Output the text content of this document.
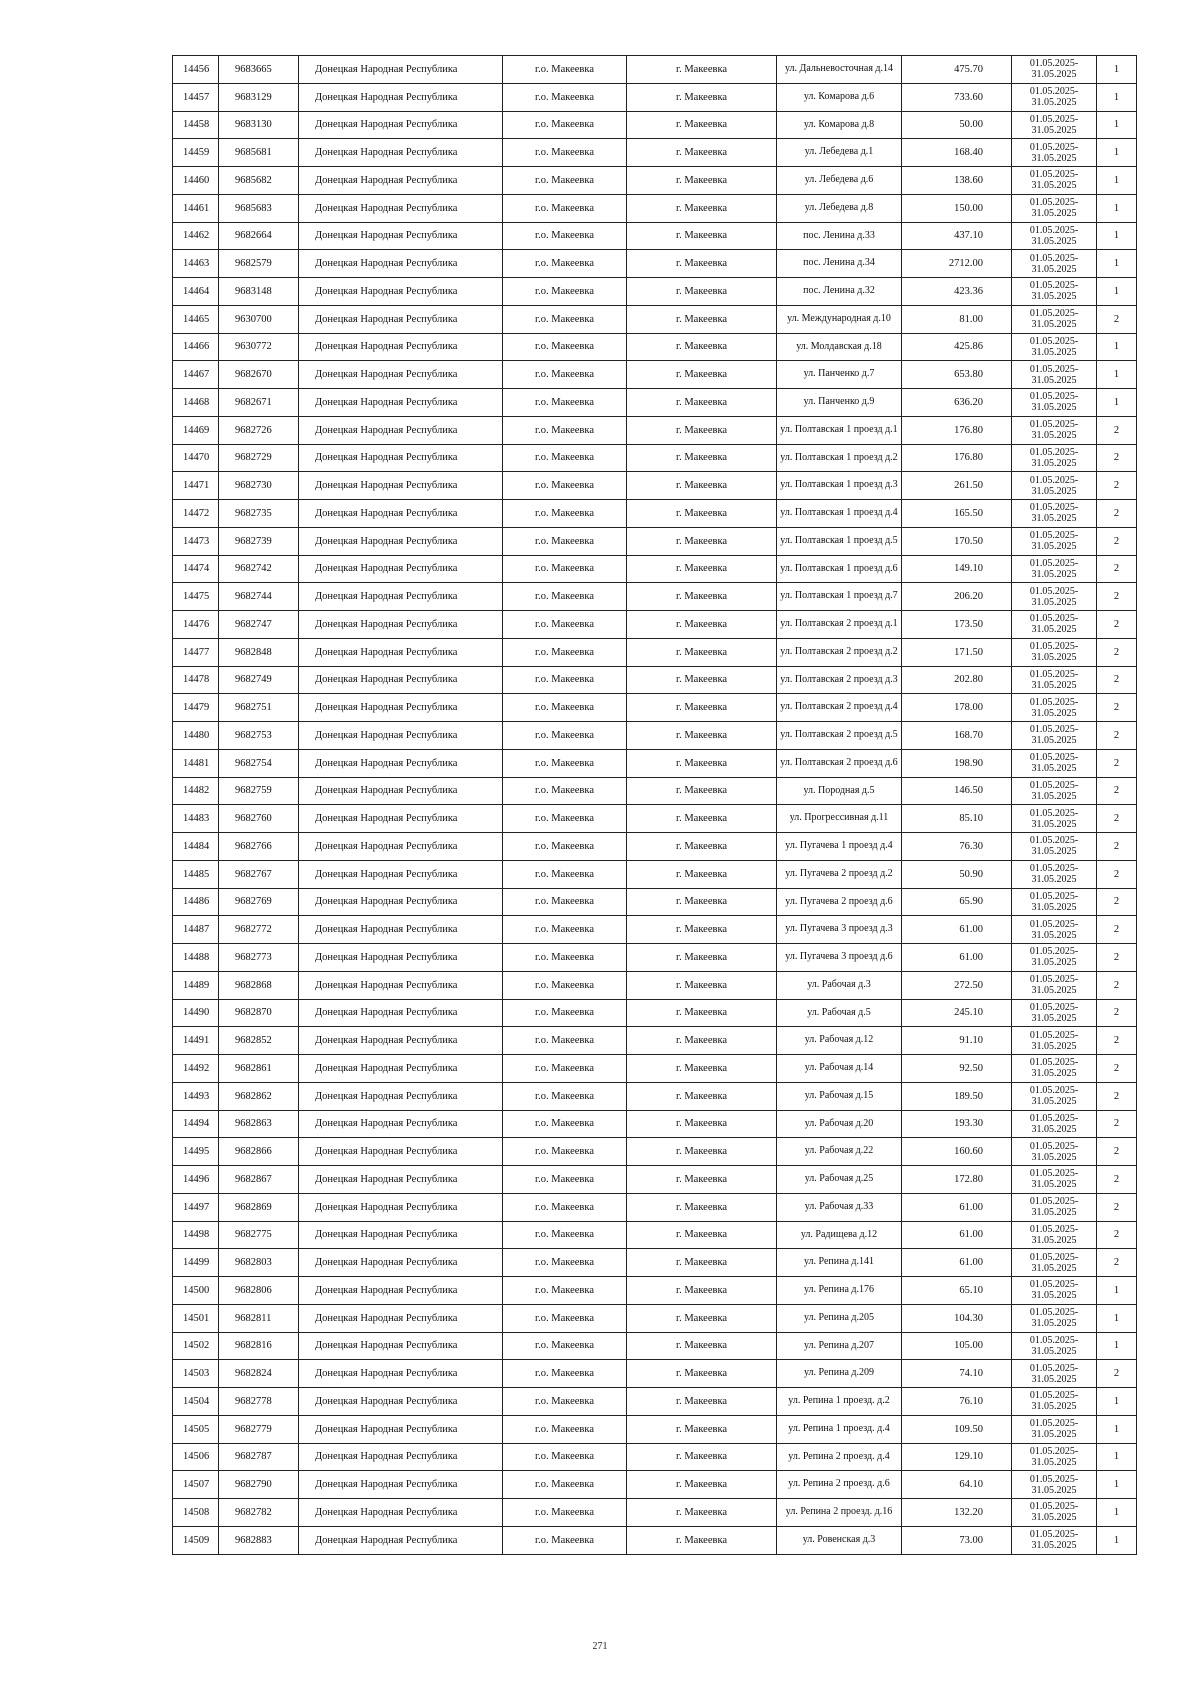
14456	9683665	Донецкая Народная Республика	г.о. Макеевка	г. Макеевка	ул. Дальневосточная д.14	475.70	01.05.2025-
31.05.2025	1
14457	9683129	Донецкая Народная Республика	г.о. Макеевка	г. Макеевка	ул. Комарова д.6	733.60	01.05.2025-
31.05.2025	1
14458	9683130	Донецкая Народная Республика	г.о. Макеевка	г. Макеевка	ул. Комарова д.8	50.00	01.05.2025-
31.05.2025	1
14459	9685681	Донецкая Народная Республика	г.о. Макеевка	г. Макеевка	ул. Лебедева д.1	168.40	01.05.2025-
31.05.2025	1
14460	9685682	Донецкая Народная Республика	г.о. Макеевка	г. Макеевка	ул. Лебедева д.6	138.60	01.05.2025-
31.05.2025	1
14461	9685683	Донецкая Народная Республика	г.о. Макеевка	г. Макеевка	ул. Лебедева д.8	150.00	01.05.2025-
31.05.2025	1
14462	9682664	Донецкая Народная Республика	г.о. Макеевка	г. Макеевка	пос. Ленина д.33	437.10	01.05.2025-
31.05.2025	1
14463	9682579	Донецкая Народная Республика	г.о. Макеевка	г. Макеевка	пос. Ленина д.34	2712.00	01.05.2025-
31.05.2025	1
14464	9683148	Донецкая Народная Республика	г.о. Макеевка	г. Макеевка	пос. Ленина д.32	423.36	01.05.2025-
31.05.2025	1
14465	9630700	Донецкая Народная Республика	г.о. Макеевка	г. Макеевка	ул. Международная д.10	81.00	01.05.2025-
31.05.2025	2
14466	9630772	Донецкая Народная Республика	г.о. Макеевка	г. Макеевка	ул. Молдавская д.18	425.86	01.05.2025-
31.05.2025	1
14467	9682670	Донецкая Народная Республика	г.о. Макеевка	г. Макеевка	ул. Панченко д.7	653.80	01.05.2025-
31.05.2025	1
14468	9682671	Донецкая Народная Республика	г.о. Макеевка	г. Макеевка	ул. Панченко д.9	636.20	01.05.2025-
31.05.2025	1
14469	9682726	Донецкая Народная Республика	г.о. Макеевка	г. Макеевка	ул. Полтавская 1 проезд д.1	176.80	01.05.2025-
31.05.2025	2
14470	9682729	Донецкая Народная Республика	г.о. Макеевка	г. Макеевка	ул. Полтавская 1 проезд д.2	176.80	01.05.2025-
31.05.2025	2
14471	9682730	Донецкая Народная Республика	г.о. Макеевка	г. Макеевка	ул. Полтавская 1 проезд д.3	261.50	01.05.2025-
31.05.2025	2
14472	9682735	Донецкая Народная Республика	г.о. Макеевка	г. Макеевка	ул. Полтавская 1 проезд д.4	165.50	01.05.2025-
31.05.2025	2
14473	9682739	Донецкая Народная Республика	г.о. Макеевка	г. Макеевка	ул. Полтавская 1 проезд д.5	170.50	01.05.2025-
31.05.2025	2
14474	9682742	Донецкая Народная Республика	г.о. Макеевка	г. Макеевка	ул. Полтавская 1 проезд д.6	149.10	01.05.2025-
31.05.2025	2
14475	9682744	Донецкая Народная Республика	г.о. Макеевка	г. Макеевка	ул. Полтавская 1 проезд д.7	206.20	01.05.2025-
31.05.2025	2
14476	9682747	Донецкая Народная Республика	г.о. Макеевка	г. Макеевка	ул. Полтавская 2 проезд д.1	173.50	01.05.2025-
31.05.2025	2
14477	9682848	Донецкая Народная Республика	г.о. Макеевка	г. Макеевка	ул. Полтавская 2 проезд д.2	171.50	01.05.2025-
31.05.2025	2
14478	9682749	Донецкая Народная Республика	г.о. Макеевка	г. Макеевка	ул. Полтавская 2 проезд д.3	202.80	01.05.2025-
31.05.2025	2
14479	9682751	Донецкая Народная Республика	г.о. Макеевка	г. Макеевка	ул. Полтавская 2 проезд д.4	178.00	01.05.2025-
31.05.2025	2
14480	9682753	Донецкая Народная Республика	г.о. Макеевка	г. Макеевка	ул. Полтавская 2 проезд д.5	168.70	01.05.2025-
31.05.2025	2
14481	9682754	Донецкая Народная Республика	г.о. Макеевка	г. Макеевка	ул. Полтавская 2 проезд д.6	198.90	01.05.2025-
31.05.2025	2
14482	9682759	Донецкая Народная Республика	г.о. Макеевка	г. Макеевка	ул. Породная д.5	146.50	01.05.2025-
31.05.2025	2
14483	9682760	Донецкая Народная Республика	г.о. Макеевка	г. Макеевка	ул. Прогрессивная д.11	85.10	01.05.2025-
31.05.2025	2
14484	9682766	Донецкая Народная Республика	г.о. Макеевка	г. Макеевка	ул. Пугачева 1 проезд д.4	76.30	01.05.2025-
31.05.2025	2
14485	9682767	Донецкая Народная Республика	г.о. Макеевка	г. Макеевка	ул. Пугачева 2 проезд д.2	50.90	01.05.2025-
31.05.2025	2
14486	9682769	Донецкая Народная Республика	г.о. Макеевка	г. Макеевка	ул. Пугачева 2 проезд д.6	65.90	01.05.2025-
31.05.2025	2
14487	9682772	Донецкая Народная Республика	г.о. Макеевка	г. Макеевка	ул. Пугачева 3 проезд д.3	61.00	01.05.2025-
31.05.2025	2
14488	9682773	Донецкая Народная Республика	г.о. Макеевка	г. Макеевка	ул. Пугачева 3 проезд д.6	61.00	01.05.2025-
31.05.2025	2
14489	9682868	Донецкая Народная Республика	г.о. Макеевка	г. Макеевка	ул. Рабочая д.3	272.50	01.05.2025-
31.05.2025	2
14490	9682870	Донецкая Народная Республика	г.о. Макеевка	г. Макеевка	ул. Рабочая д.5	245.10	01.05.2025-
31.05.2025	2
14491	9682852	Донецкая Народная Республика	г.о. Макеевка	г. Макеевка	ул. Рабочая д.12	91.10	01.05.2025-
31.05.2025	2
14492	9682861	Донецкая Народная Республика	г.о. Макеевка	г. Макеевка	ул. Рабочая д.14	92.50	01.05.2025-
31.05.2025	2
14493	9682862	Донецкая Народная Республика	г.о. Макеевка	г. Макеевка	ул. Рабочая д.15	189.50	01.05.2025-
31.05.2025	2
14494	9682863	Донецкая Народная Республика	г.о. Макеевка	г. Макеевка	ул. Рабочая д.20	193.30	01.05.2025-
31.05.2025	2
14495	9682866	Донецкая Народная Республика	г.о. Макеевка	г. Макеевка	ул. Рабочая д.22	160.60	01.05.2025-
31.05.2025	2
14496	9682867	Донецкая Народная Республика	г.о. Макеевка	г. Макеевка	ул. Рабочая д.25	172.80	01.05.2025-
31.05.2025	2
14497	9682869	Донецкая Народная Республика	г.о. Макеевка	г. Макеевка	ул. Рабочая д.33	61.00	01.05.2025-
31.05.2025	2
14498	9682775	Донецкая Народная Республика	г.о. Макеевка	г. Макеевка	ул. Радищева д.12	61.00	01.05.2025-
31.05.2025	2
14499	9682803	Донецкая Народная Республика	г.о. Макеевка	г. Макеевка	ул. Репина д.141	61.00	01.05.2025-
31.05.2025	2
14500	9682806	Донецкая Народная Республика	г.о. Макеевка	г. Макеевка	ул. Репина д.176	65.10	01.05.2025-
31.05.2025	1
14501	9682811	Донецкая Народная Республика	г.о. Макеевка	г. Макеевка	ул. Репина д.205	104.30	01.05.2025-
31.05.2025	1
14502	9682816	Донецкая Народная Республика	г.о. Макеевка	г. Макеевка	ул. Репина д.207	105.00	01.05.2025-
31.05.2025	1
14503	9682824	Донецкая Народная Республика	г.о. Макеевка	г. Макеевка	ул. Репина д.209	74.10	01.05.2025-
31.05.2025	2
14504	9682778	Донецкая Народная Республика	г.о. Макеевка	г. Макеевка	ул. Репина 1 проезд. д.2	76.10	01.05.2025-
31.05.2025	1
14505	9682779	Донецкая Народная Республика	г.о. Макеевка	г. Макеевка	ул. Репина 1 проезд. д.4	109.50	01.05.2025-
31.05.2025	1
14506	9682787	Донецкая Народная Республика	г.о. Макеевка	г. Макеевка	ул. Репина 2 проезд. д.4	129.10	01.05.2025-
31.05.2025	1
14507	9682790	Донецкая Народная Республика	г.о. Макеевка	г. Макеевка	ул. Репина 2 проезд. д.6	64.10	01.05.2025-
31.05.2025	1
14508	9682782	Донецкая Народная Республика	г.о. Макеевка	г. Макеевка	ул. Репина 2 проезд. д.16	132.20	01.05.2025-
31.05.2025	1
14509	9682883	Донецкая Народная Республика	г.о. Макеевка	г. Макеевка	ул. Ровенская д.3	73.00	01.05.2025-
31.05.2025	1
271
